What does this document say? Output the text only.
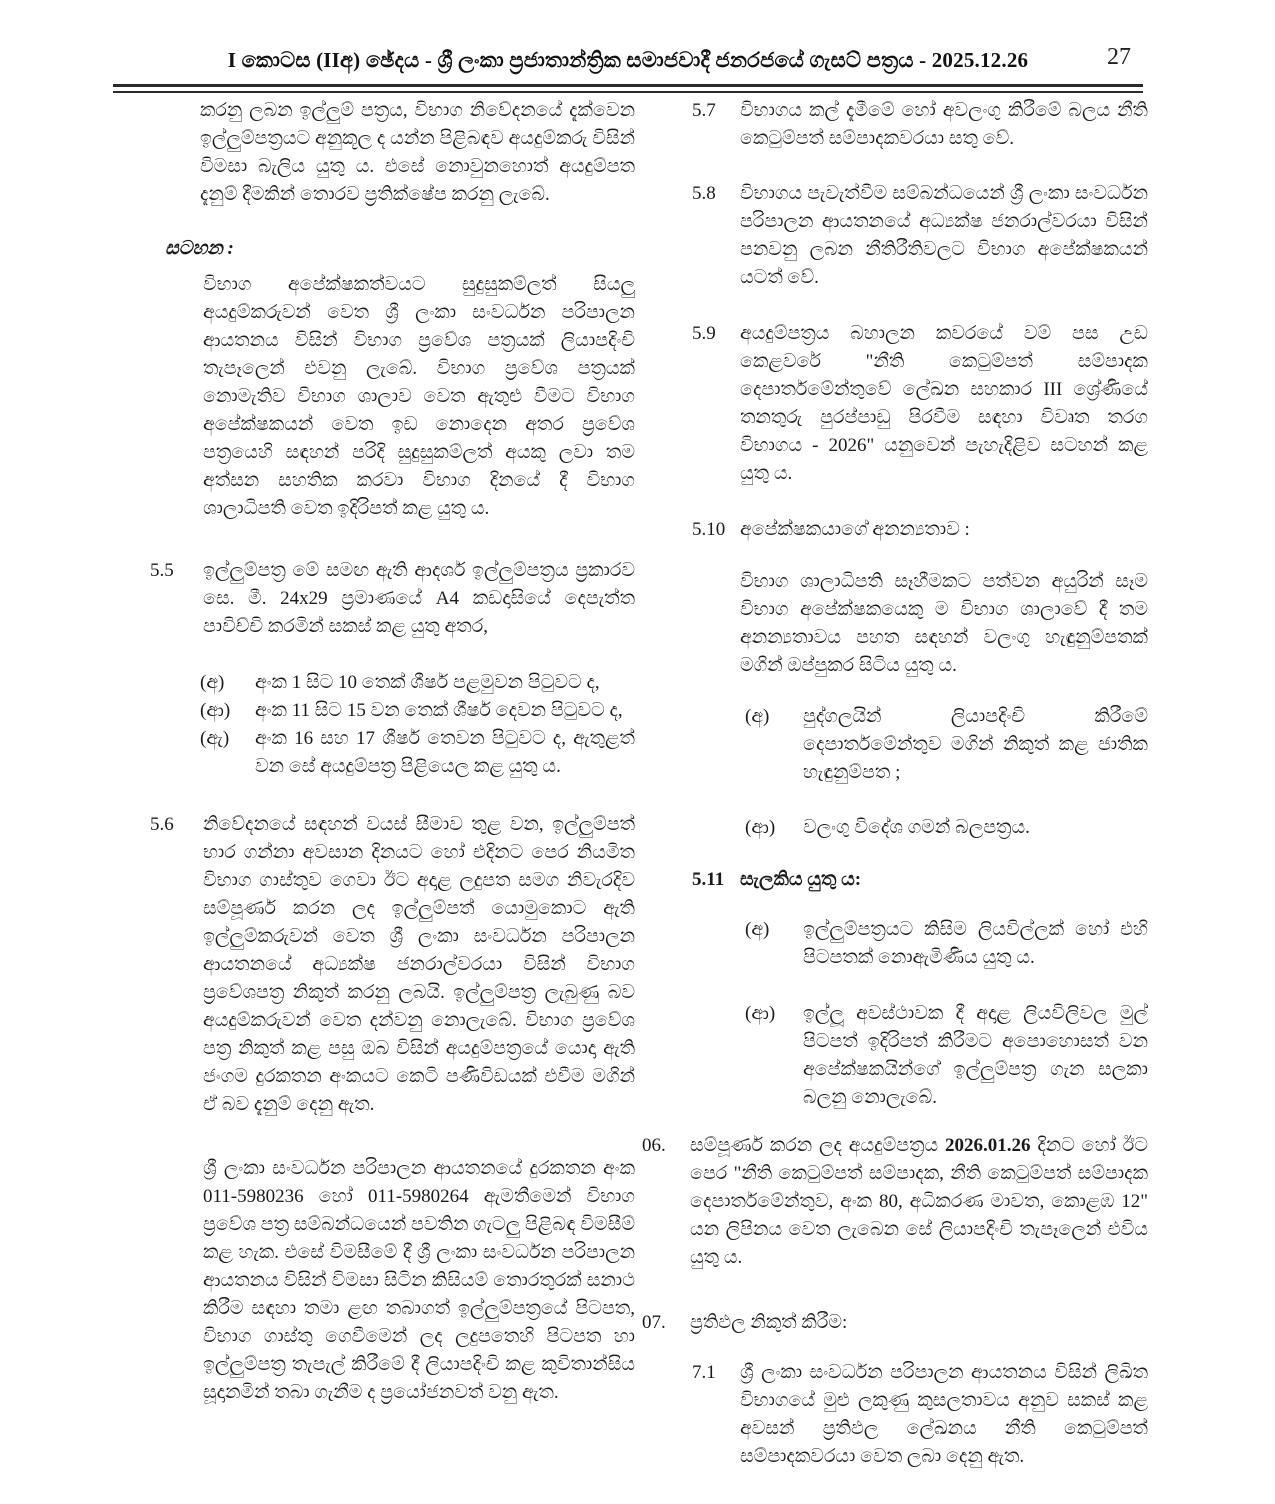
I කොටස (IIඅ) ඡේදය - ශ්‍රී ලංකා ප්‍රජාතාන්ත්‍රික සමාජවාදී ජනරජයේ ගැසට් පත්‍රය - 2025.12.26	27

කරනු ලබන ඉල්ලුම් පත්‍රය, විභාග නිවේදනයේ දැක්වෙන ඉල්ලුම්පත්‍රයට අනුකූල ද යන්න පිළිබඳව අයදුම්කරු විසින් විමසා බැලිය යුතු ය. එසේ නොවුනහොත් අයදුම්පත දැනුම් දීමකින් තොරව ප්‍රතික්ෂේප කරනු ලැබේ.

සටහන :

විභාග අපේක්ෂකත්වයට සුදුසුකම්ලත් සියලු අයදුම්කරුවන් වෙත ශ්‍රී ලංකා සංවර්ධන පරිපාලන ආයතනය විසින් විභාග ප්‍රවේශ පත්‍රයක් ලියාපදිංචි තැපෑලෙන් එවනු ලැබේ. විභාග ප්‍රවේශ පත්‍රයක් නොමැතිව විභාග ශාලාව වෙත ඇතුළු වීමට විභාග අපේක්ෂකයන් වෙත ඉඩ නොදෙන අතර ප්‍රවේශ පත්‍රයෙහි සඳහන් පරිදි සුදුසුකම්ලත් අයකු ලවා තම අත්සන සහතික කරවා විභාග දිනයේ දී විභාග ශාලාධිපති වෙත ඉදිරිපත් කළ යුතු ය.

5.5	ඉල්ලුම්පත්‍ර මේ සමඟ ඇති ආදර්ශ ඉල්ලුම්පත්‍රය ප්‍රකාරව සෙ. මී. 24x29 ප්‍රමාණයේ A4 කඩදාසියේ දෙපැත්ත පාවිච්චි කරමින් සකස් කළ යුතු අතර,

(අ)	අංක 1 සිට 10 තෙක් ශීර්ෂ පළමුවන පිටුවට ද,
(ආ)	අංක 11 සිට 15 වන තෙක් ශීර්ෂ දෙවන පිටුවට ද,
(ඇ)	අංක 16 සහ 17 ශීර්ෂ තෙවන පිටුවට ද, ඇතුළත් වන සේ අයදුම්පත්‍ර පිළියෙල කළ යුතු ය.
5.6	නිවේදනයේ සඳහන් වයස් සීමාව තුළ වන, ඉල්ලුම්පත් භාර ගන්නා අවසාන දිනයට හෝ එදිනට පෙර නියමිත විභාග ගාස්තුව ගෙවා ඊට අදාළ ලදුපත සමග නිවැරදිව සම්පූර්ණ කරන ලද ඉල්ලුම්පත් යොමුකොට ඇති ඉල්ලුම්කරුවන් වෙත ශ්‍රී ලංකා සංවර්ධන පරිපාලන ආයතනයේ අධ්‍යක්ෂ ජනරාල්වරයා විසින් විභාග ප්‍රවේශපත්‍ර නිකුත් කරනු ලබයි. ඉල්ලුම්පත්‍ර ලැබුණු බව අයදුම්කරුවන් වෙත දන්වනු නොලැබේ. විභාග ප්‍රවේශ පත්‍ර නිකුත් කළ පසු ඔබ විසින් අයදුම්පත්‍රයේ යොදා ඇති ජංගම දුරකතන අංකයට කෙටි පණිවිඩයක් එවීම මගින් ඒ බව දැනුම් දෙනු ඇත.

ශ්‍රී ලංකා සංවර්ධන පරිපාලන ආයතනයේ දුරකතන අංක 011-5980236 හෝ 011-5980264 ඇමතීමෙන් විභාග ප්‍රවේශ පත්‍ර සම්බන්ධයෙන් පවතින ගැටලු පිළිබඳ විමසීම් කළ හැක. එසේ විමසීමේ දී ශ්‍රී ලංකා සංවර්ධන පරිපාලන ආයතනය විසින් විමසා සිටින කිසියම් තොරතුරක් සනාථ කිරීම සඳහා තමා ළඟ තබාගත් ඉල්ලුම්පත්‍රයේ පිටපත, විභාග ගාස්තු ගෙවීමෙන් ලද ලදුපතෙහි පිටපත හා ඉල්ලුම්පත්‍ර තැපැල් කිරීමේ දී ලියාපදිංචි කළ කුවිතාන්සිය සූදානමින් තබා ගැනීම ද ප්‍රයෝජනවත් වනු ඇත.

5.7	විභාගය කල් දැමීමේ හෝ අවලංගු කිරීමේ බලය නීති කෙටුම්පත් සම්පාදකවරයා සතු වේ.

5.8	විභාගය පැවැත්වීම සම්බන්ධයෙන් ශ්‍රී ලංකා සංවර්ධන පරිපාලන ආයතනයේ අධ්‍යක්ෂ ජනරාල්වරයා විසින් පනවනු ලබන නීතිරීතිවලට විභාග අපේක්ෂකයන් යටත් වේ.

5.9	අයදුම්පත්‍රය බහාලන කවරයේ වම් පස උඩ කෙළවරේ "නීති කෙටුම්පත් සම්පාදක දෙපාර්තමේන්තුවේ ලේඛන සහකාර III ශ්‍රේණියේ තනතුරු පුරප්පාඩු පිරවීම සඳහා විවෘත තරග විභාගය - 2026" යනුවෙන් පැහැදිළිව සටහන් කළ යුතු ය.

5.10 අපේක්ෂකයාගේ අනන්‍යතාව :

විභාග ශාලාධිපති සෑහීමකට පත්වන අයුරින් සෑම විභාග අපේක්ෂකයෙකු ම විභාග ශාලාවේ දී තම අනන්‍යතාවය පහත සඳහන් වලංගු හැඳුනුම්පතක් මගින් ඔප්පුකර සිටිය යුතු ය.

(අ)	පුද්ගලයින් ලියාපදිංචි කිරීමේ දෙපාර්තමේන්තුව මගින් නිකුත් කළ ජාතික හැඳුනුම්පත ;
(ආ)	වලංගු විදේශ ගමන් බලපත්‍රය.
5.11 සැලකිය යුතු ය:

(අ)	ඉල්ලුම්පත්‍රයට කිසිම ලියවිල්ලක් හෝ එහි පිටපතක් නොඇමිණිය යුතු ය.
(ආ)	ඉල්ලූ අවස්ථාවක දී අදාළ ලියවිලිවල මුල් පිටපත් ඉදිරිපත් කිරීමට අපොහොසත් වන අපේක්ෂකයින්ගේ ඉල්ලුම්පත්‍ර ගැන සලකා බලනු නොලැබේ.
06.	සම්පූර්ණ කරන ලද අයදුම්පත්‍රය 2026.01.26 දිනට හෝ ඊට පෙර "නීති කෙටුම්පත් සම්පාදක, නීති කෙටුම්පත් සම්පාදක දෙපාර්තමේන්තුව, අංක 80, අධිකරණ මාවත, කොළඹ 12" යන ලිපිනය වෙත ලැබෙන සේ ලියාපදිංචි තැපෑලෙන් එවිය යුතු ය.

07.	ප්‍රතිඵල නිකුත් කිරීම:

7.1	ශ්‍රී ලංකා සංවර්ධන පරිපාලන ආයතනය විසින් ලිඛිත විභාගයේ මුළු ලකුණු කුසලතාවය අනුව සකස් කළ අවසන් ප්‍රතිඵල ලේඛනය නීති කෙටුම්පත් සම්පාදකවරයා වෙත ලබා දෙනු ඇත.
